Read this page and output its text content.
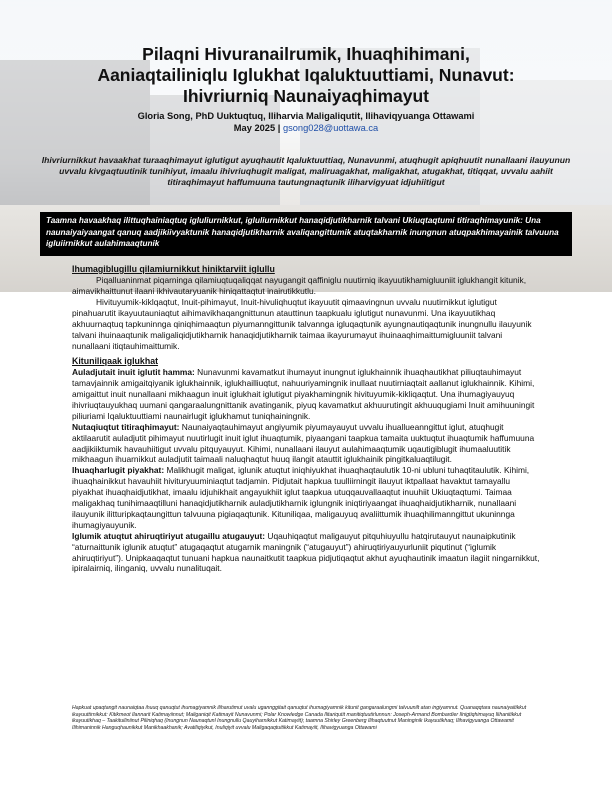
Pilaqni Hivuranailrumik, Ihuaqhihimani,
Aaniaqtailiniqlu Iglukhat Iqaluktuuttiami, Nunavut:
Ihivriurniq Naunaiyaqhimayut
Gloria Song, PhD Uuktuqtuq, Iliharvia Maligaliqutit, Ilihaviqyuanga Ottawami
May 2025 | gsong028@uottawa.ca
Ihivriurnikkut havaakhat turaaqhimayut iglutigut ayuqhautit Iqaluktuuttiaq, Nunavunmi, atuqhugit apiqhuutit nunallaani ilauyunun uvvalu kivgaqtuutinik tunihiyut, imaalu ihivriuqhugit maligat, maliruagakhat, maligakhat, atugakhat, titiqqat, uvvalu aahiit titiraqhimayut haffumuuna tautungnaqtunik iliharvigyuat idjuhiitigut
Taamna havaakhaq ilittuqhainiaqtuq igluliurnikkut, igluliurnikkut hanaqidjutikharnik talvani Ukiuqtaqtumi titiraqhimayunik: Una naunaiyaiyaangat qanuq aadjikiivyaktunik hanaqidjutikharnik avaliqangittumik atuqtakharnik inungnun atuqpakhimayainik talvuuna igluiirnikkut aulahimaaqtunik

Ihumagiblugillu qilamiurnikkut hiniktarviit iglullu

Piqalluaninmat piqarninga qilamiuqtuqaliqqat nayugangit qaffiniglu nuutirniq ikayuutikhamigluuniit iglukhangit kitunik, aimavikhaittunut ilaani ikhivautaryuanik hiniqattaqtut inairutikkutlu.

Hivituyumik-kiklqaqtut, Inuit-pihimayut, Inuit-hivuliqhuqtut ikayuutit qimaavingnun uvvalu nuutirnikkut iglutigut pinahuarutit ikayuutauniaqtut aihimavikhaqangnittunun atauttinun taapkualu iglutigut nunavunmi. Una ikayuutikhaq akhuurnaqtuq tapkuninnga qiniqhimaaqtun piyumanngittunik talvannga igluqaqtunik ayungnautiqaqtunik inungnullu ilauyunik talvani ihuinaaqtunik maligaliqidjutikharnik hanaqidjutikharnik taimaa ikayurumayut ihuinaaqhimaittumigluuniit talvani nunallaani itiqtauhimaittumik.

Kituniliqaak iglukhat

Auladjutait inuit iglutit hamma: Nunavunmi kavamatkut ihumayut inungnut iglukhainnik ihuaqhautikhat piliuqtauhimayut tamavjainnik amigaitqiyanik iglukhainnik, iglukhailliuqtut, nahuuriyamingnik inullaat nuutirniaqtait aallanut iglukhainnik. Kihimi, amigaittut inuit nunallaani mikhaagun inuit iglukhait iglutigut piyakhamingnik hivituyumik-kikliqaqtut. Una ihumagiyauyuq ihivriuqtauyukhaq uumani qangaraalungnittanik avatinganik, piyuq kavamatkut akhuurutingit akhuuqugiami Inuit amihuuningit piliuriami Iqaluktuuttiami naunairlugit iglukhamut tuniqhainingnik.

Nutaqiuqtut titiraqhimayut: Naunaiyaqtauhimayut angiyumik piyumayauyut uvvalu ihuallueanngittut iglut, atuqhugit aktilaarutit auladjutit pihimayut nuutirlugit inuit iglut ihuaqtumik, piyaangani taapkua tamaita uuktuqtut ihuaqtumik haffumuuna aadjikiiktumik havauhiitigut uvvalu pitquyauyut. Kihimi, nunallaani ilauyut aulahimaaqtumik uqautigiblugit ihumaaluutitik mikhaagun ihuarnikkut auladjutit taimaali naluqhaqtut huuq ilangit atauttit iglukhainik pingitkaluaqtilugit.

Ihuaqharlugit piyakhat: Malikhugit maligat, iglunik atuqtut iniqhiyukhat ihuaqhaqtaulutik 10-ni ubluni tuhaqtitaulutik. Kihimi, ihuaqhainikkut havauhiit hivituryuuminiaqtut tadjamin. Pidjutait hapkua tuulliirningit ilauyut iktpallaat havaktut tamayallu piyakhat ihuaqhaidjutikhat, imaalu idjuhikhait angayukhiit iglut taapkua utuqqauvallaaqtut inuuhiit Ukiuqtaqtumi. Taimaa maligakhaq tunihimaaqtilluni hanaqidjutikharnik auladjutikharnik iglungnik iniqtiriyaangat ihuaqhaidjutikharnik, nunallaani ilauyunik ilitturipkaqtaungittun talvuuna pigiaqaqtunik. Kituniliqaa, maligauyuq avaliittumik ihuaqhilimanngittut ukuninnga ihumagiyauyunik.

Iglumik atuqtut ahiruqtiriyut atugaillu atugauyut: Uqauhiqaqtut maligauyut pitquhiuyullu hatqirutauyut naunaipkutinik “aturnaittunik iglunik atuqtut” atugaqaqtut atugarnik maningnik (“atugauyut”) ahiruqtiriyauyurluniit piqutinut (“iglumik ahiruqtiriyut”). Unipkaaqaqtut tunuani hapkua naunaitkutit taapkua pidjutiqaqtut akhut ayuqhautinik imaatun ilagiit ningarnikkut, ipiralairniq, ilinganiq, uvvalu nunalituqait.

Hapkuat upaqtangit naunaiqtaa ihuuq qanuqtut ihumagiyamnik iliharutimut uvalu ugannggitait qanuqtut ihumagiyamnik kitunit gangaraalungmi talvuunilt atan ingiyamnut. Quanaqqtara naunaiyaitikkut ikayuuttirnikkut: Kitikmeot Ilannarit Katimayiinnut; Maliganiqit Katimayit Nunavunmi; Polar Knowledge Canada Ilitariqutit manitiqtuutirlunnun: Joseph-Armand Bombardier Ilnigtiqhimayuq Ilihanitikkut ikayuutikhaq – Taakituiliniinut Piliniqhaq (Inungnun Naunaqtunl Inungnullu Qauyiharnikkut Katimayiit); taamna Shirley Greenberg Ilihaqtuutnut Maninginik Ikayuutikhaq; Ilihavigyuanga Ottawamit Ilihimaninnik Hanguqhaunikkut Manikhaakhanik; Avatiliqiyikut, Inuliqiyit uvvalu Maligaqaqtuitikkut Katimayiit, Ilihavigyuanga Ottawami
